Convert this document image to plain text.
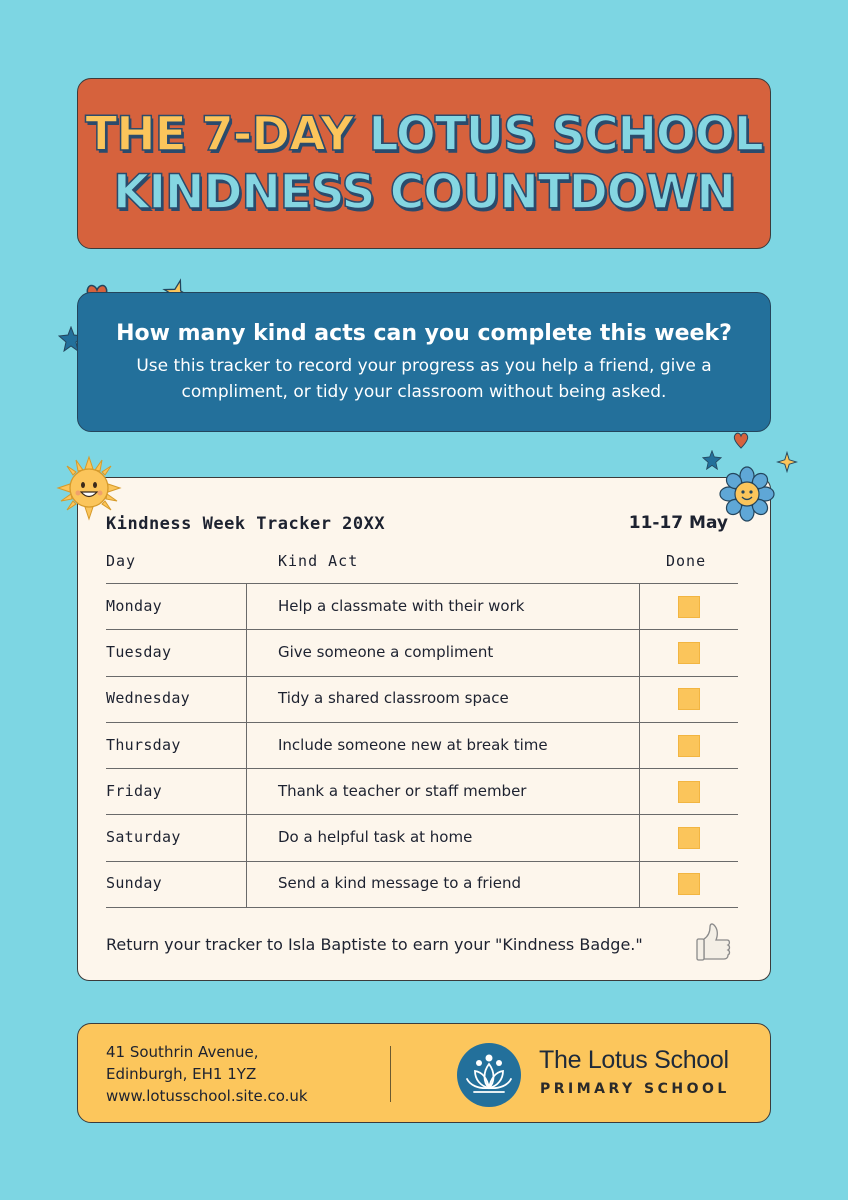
THE 7-DAY LOTUS SCHOOL
KINDNESS COUNTDOWN
How many kind acts can you complete this week?
Use this tracker to record your progress as you help a friend, give a compliment, or tidy your classroom without being asked.
Kindness Week Tracker 20XX	11-17 May
Day	Kind Act	Done
Monday	Help a classmate with their work
Tuesday	Give someone a compliment
Wednesday	Tidy a shared classroom space
Thursday	Include someone new at break time
Friday	Thank a teacher or staff member
Saturday	Do a helpful task at home
Sunday	Send a kind message to a friend
Return your tracker to Isla Baptiste to earn your "Kindness Badge."
41 Southrin Avenue,
Edinburgh, EH1 1YZ
www.lotusschool.site.co.uk
The Lotus School
PRIMARY SCHOOL
